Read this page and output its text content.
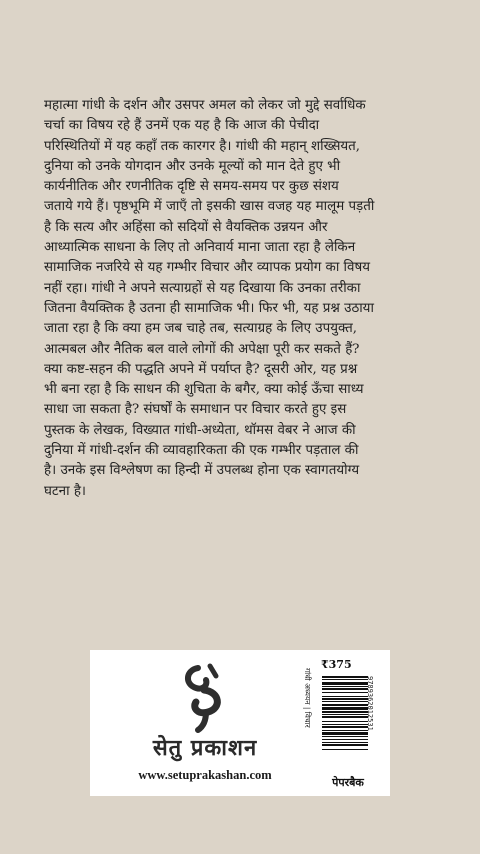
महात्मा गांधी के दर्शन और उसपर अमल को लेकर जो मुद्दे सर्वाधिक
चर्चा का विषय रहे हैं उनमें एक यह है कि आज की पेचीदा
परिस्थितियों में यह कहाँ तक कारगर है। गांधी की महान् शख्सियत,
दुनिया को उनके योगदान और उनके मूल्यों को मान देते हुए भी
कार्यनीतिक और रणनीतिक दृष्टि से समय-समय पर कुछ संशय
जताये गये हैं। पृष्ठभूमि में जाएँ तो इसकी खास वजह यह मालूम पड़ती
है कि सत्य और अहिंसा को सदियों से वैयक्तिक उन्नयन और
आध्यात्मिक साधना के लिए तो अनिवार्य माना जाता रहा है लेकिन
सामाजिक नजरिये से यह गम्भीर विचार और व्यापक प्रयोग का विषय
नहीं रहा। गांधी ने अपने सत्याग्रहों से यह दिखाया कि उनका तरीका
जितना वैयक्तिक है उतना ही सामाजिक भी। फिर भी, यह प्रश्न उठाया
जाता रहा है कि क्या हम जब चाहे तब, सत्याग्रह के लिए उपयुक्त,
आत्मबल और नैतिक बल वाले लोगों की अपेक्षा पूरी कर सकते हैं?
क्या कष्ट-सहन की पद्धति अपने में पर्याप्त है? दूसरी ओर, यह प्रश्न
भी बना रहा है कि साधन की शुचिता के बगैर, क्या कोई ऊँचा साध्य
साधा जा सकता है? संघर्षों के समाधान पर विचार करते हुए इस
पुस्तक के लेखक, विख्यात गांधी-अध्येता, थॉमस वेबर ने आज की
दुनिया में गांधी-दर्शन की व्यावहारिकता की एक गम्भीर पड़ताल की
है। उनके इस विश्लेषण का हिन्दी में उपलब्ध होना एक स्वागतयोग्य
घटना है।
सेतु प्रकाशन
www.setuprakashan.com
गांधी अध्ययन | विचार
₹375
9789362012531
पेपरबैक
